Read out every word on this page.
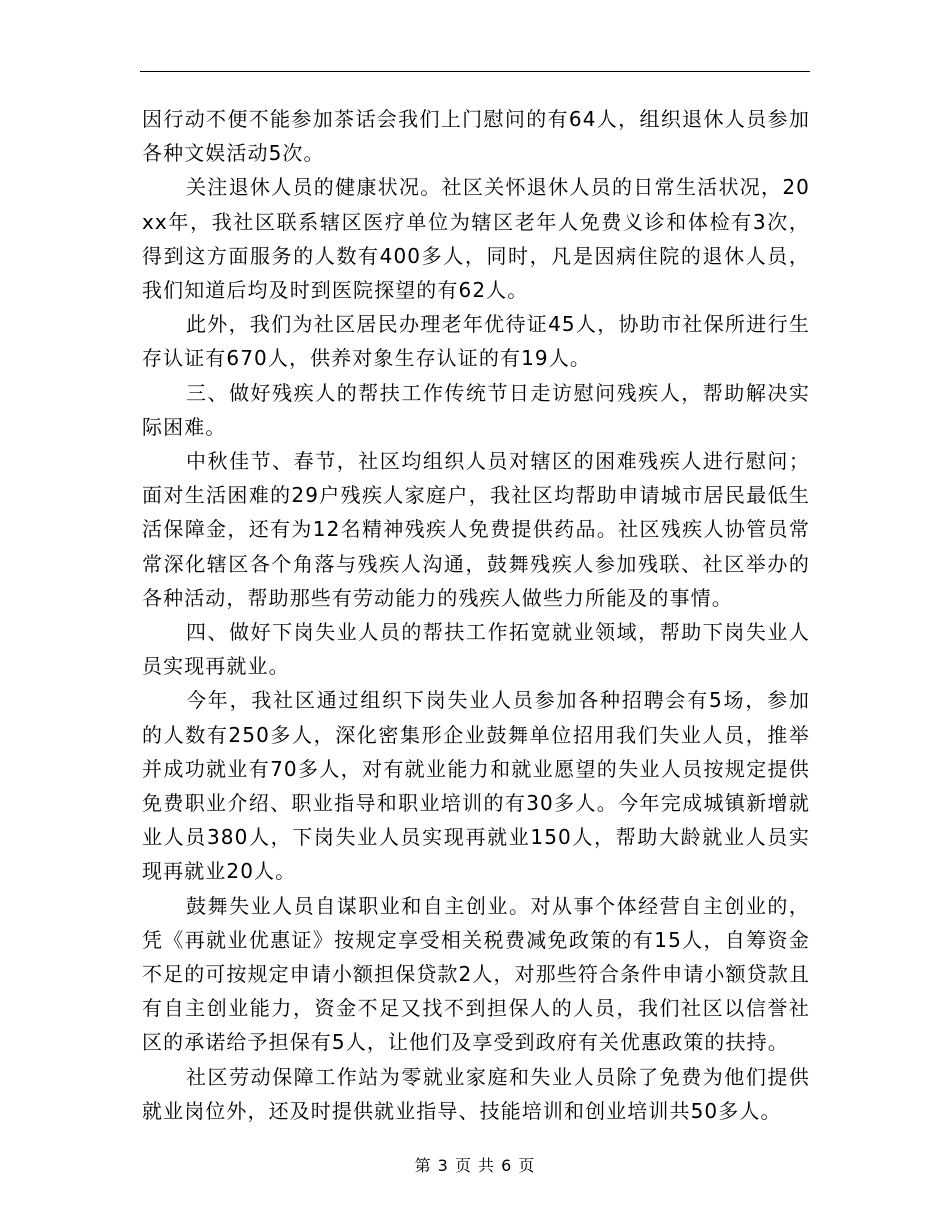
因行动不便不能参加茶话会我们上门慰问的有64人，组织退休人员参加各种文娱活动5次。

关注退休人员的健康状况。社区关怀退休人员的日常生活状况，20xx年，我社区联系辖区医疗单位为辖区老年人免费义诊和体检有3次，得到这方面服务的人数有400多人，同时，凡是因病住院的退休人员，我们知道后均及时到医院探望的有62人。

此外，我们为社区居民办理老年优待证45人，协助市社保所进行生存认证有670人，供养对象生存认证的有19人。

三、做好残疾人的帮扶工作传统节日走访慰问残疾人，帮助解决实际困难。

中秋佳节、春节，社区均组织人员对辖区的困难残疾人进行慰问；面对生活困难的29户残疾人家庭户，我社区均帮助申请城市居民最低生活保障金，还有为12名精神残疾人免费提供药品。社区残疾人协管员常常深化辖区各个角落与残疾人沟通，鼓舞残疾人参加残联、社区举办的各种活动，帮助那些有劳动能力的残疾人做些力所能及的事情。

四、做好下岗失业人员的帮扶工作拓宽就业领域，帮助下岗失业人员实现再就业。

今年，我社区通过组织下岗失业人员参加各种招聘会有5场，参加的人数有250多人，深化密集形企业鼓舞单位招用我们失业人员，推举并成功就业有70多人，对有就业能力和就业愿望的失业人员按规定提供免费职业介绍、职业指导和职业培训的有30多人。今年完成城镇新增就业人员380人，下岗失业人员实现再就业150人，帮助大龄就业人员实现再就业20人。

鼓舞失业人员自谋职业和自主创业。对从事个体经营自主创业的，凭《再就业优惠证》按规定享受相关税费减免政策的有15人，自筹资金不足的可按规定申请小额担保贷款2人，对那些符合条件申请小额贷款且有自主创业能力，资金不足又找不到担保人的人员，我们社区以信誉社区的承诺给予担保有5人，让他们及享受到政府有关优惠政策的扶持。

社区劳动保障工作站为零就业家庭和失业人员除了免费为他们提供就业岗位外，还及时提供就业指导、技能培训和创业培训共50多人。

第 3 页 共 6 页
